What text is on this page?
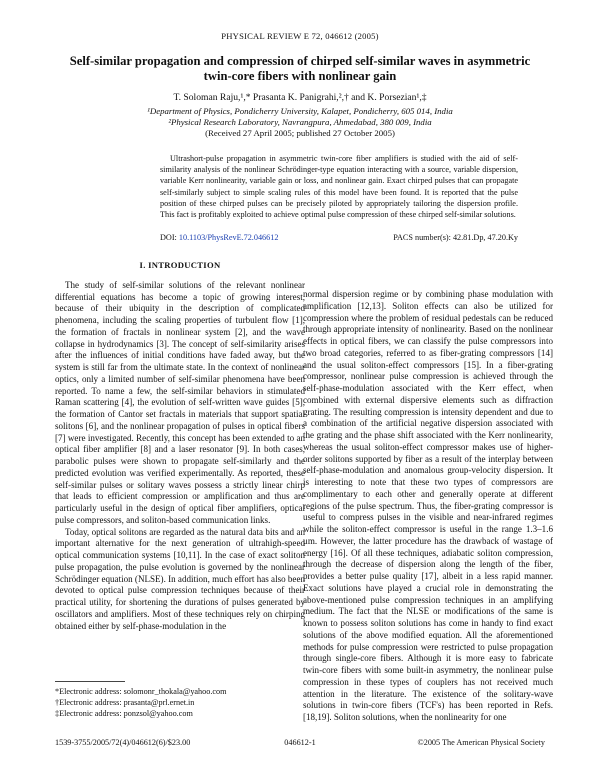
PHYSICAL REVIEW E 72, 046612 (2005)
Self-similar propagation and compression of chirped self-similar waves in asymmetric twin-core fibers with nonlinear gain
T. Soloman Raju,¹,* Prasanta K. Panigrahi,²,† and K. Porsezian¹,‡
¹Department of Physics, Pondicherry University, Kalapet, Pondicherry, 605 014, India
²Physical Research Laboratory, Navrangpura, Ahmedabad, 380 009, India
(Received 27 April 2005; published 27 October 2005)
Ultrashort-pulse propagation in asymmetric twin-core fiber amplifiers is studied with the aid of self-similarity analysis of the nonlinear Schrödinger-type equation interacting with a source, variable dispersion, variable Kerr nonlinearity, variable gain or loss, and nonlinear gain. Exact chirped pulses that can propagate self-similarly subject to simple scaling rules of this model have been found. It is reported that the pulse position of these chirped pulses can be precisely piloted by appropriately tailoring the dispersion profile. This fact is profitably exploited to achieve optimal pulse compression of these chirped self-similar solutions.
DOI: 10.1103/PhysRevE.72.046612	PACS number(s): 42.81.Dp, 47.20.Ky
I. INTRODUCTION

The study of self-similar solutions of the relevant nonlinear differential equations has become a topic of growing interest, because of their ubiquity in the description of complicated phenomena, including the scaling properties of turbulent flow [1], the formation of fractals in nonlinear system [2], and the wave collapse in hydrodynamics [3]. The concept of self-similarity arises after the influences of initial conditions have faded away, but the system is still far from the ultimate state. In the context of nonlinear optics, only a limited number of self-similar phenomena have been reported. To name a few, the self-similar behaviors in stimulated Raman scattering [4], the evolution of self-written wave guides [5], the formation of Cantor set fractals in materials that support spatial solitons [6], and the nonlinear propagation of pulses in optical fibers [7] were investigated. Recently, this concept has been extended to an optical fiber amplifier [8] and a laser resonator [9]. In both cases, parabolic pulses were shown to propagate self-similarly and the predicted evolution was verified experimentally. As reported, these self-similar pulses or solitary waves possess a strictly linear chirp that leads to efficient compression or amplification and thus are particularly useful in the design of optical fiber amplifiers, optical pulse compressors, and soliton-based communication links.

Today, optical solitons are regarded as the natural data bits and an important alternative for the next generation of ultrahigh-speed optical communication systems [10,11]. In the case of exact soliton pulse propagation, the pulse evolution is governed by the nonlinear Schrödinger equation (NLSE). In addition, much effort has also been devoted to optical pulse compression techniques because of their practical utility, for shortening the durations of pulses generated by oscillators and amplifiers. Most of these techniques rely on chirping obtained either by self-phase-modulation in the

normal dispersion regime or by combining phase modulation with amplification [12,13]. Soliton effects can also be utilized for compression where the problem of residual pedestals can be reduced through appropriate intensity of nonlinearity. Based on the nonlinear effects in optical fibers, we can classify the pulse compressors into two broad categories, referred to as fiber-grating compressors [14] and the usual soliton-effect compressors [15]. In a fiber-grating compressor, nonlinear pulse compression is achieved through the self-phase-modulation associated with the Kerr effect, when combined with external dispersive elements such as diffraction grating. The resulting compression is intensity dependent and due to a combination of the artificial negative dispersion associated with the grating and the phase shift associated with the Kerr nonlinearity, whereas the usual soliton-effect compressor makes use of higher-order solitons supported by fiber as a result of the interplay between self-phase-modulation and anomalous group-velocity dispersion. It is interesting to note that these two types of compressors are complimentary to each other and generally operate at different regions of the pulse spectrum. Thus, the fiber-grating compressor is useful to compress pulses in the visible and near-infrared regimes while the soliton-effect compressor is useful in the range 1.3–1.6 μm. However, the latter procedure has the drawback of wastage of energy [16]. Of all these techniques, adiabatic soliton compression, through the decrease of dispersion along the length of the fiber, provides a better pulse quality [17], albeit in a less rapid manner. Exact solutions have played a crucial role in demonstrating the above-mentioned pulse compression techniques in an amplifying medium. The fact that the NLSE or modifications of the same is known to possess soliton solutions has come in handy to find exact solutions of the above modified equation. All the aforementioned methods for pulse compression were restricted to pulse propagation through single-core fibers. Although it is more easy to fabricate twin-core fibers with some built-in asymmetry, the nonlinear pulse compression in these types of couplers has not received much attention in the literature. The existence of the solitary-wave solutions in twin-core fibers (TCF's) has been reported in Refs. [18,19]. Soliton solutions, when the nonlinearity for one

*Electronic address: solomonr_thokala@yahoo.com
†Electronic address: prasanta@prl.ernet.in
‡Electronic address: ponzsol@yahoo.com
1539-3755/2005/72(4)/046612(6)/$23.00	046612-1	©2005 The American Physical Society
